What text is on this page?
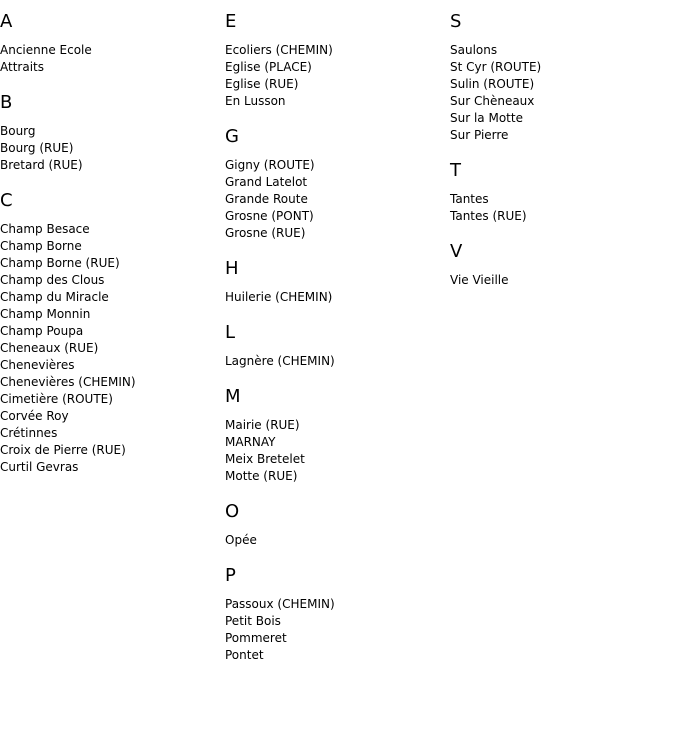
A
Ancienne Ecole
Attraits
B
Bourg
Bourg (RUE)
Bretard (RUE)
C
Champ Besace
Champ Borne
Champ Borne (RUE)
Champ des Clous
Champ du Miracle
Champ Monnin
Champ Poupa
Cheneaux (RUE)
Chenevières
Chenevières (CHEMIN)
Cimetière (ROUTE)
Corvée Roy
Crétinnes
Croix de Pierre (RUE)
Curtil Gevras
E
Ecoliers (CHEMIN)
Eglise (PLACE)
Eglise (RUE)
En Lusson
G
Gigny (ROUTE)
Grand Latelot
Grande Route
Grosne (PONT)
Grosne (RUE)
H
Huilerie (CHEMIN)
L
Lagnère (CHEMIN)
M
Mairie (RUE)
MARNAY
Meix Bretelet
Motte (RUE)
O
Opée
P
Passoux (CHEMIN)
Petit Bois
Pommeret
Pontet
S
Saulons
St Cyr (ROUTE)
Sulin (ROUTE)
Sur Chèneaux
Sur la Motte
Sur Pierre
T
Tantes
Tantes (RUE)
V
Vie Vieille
